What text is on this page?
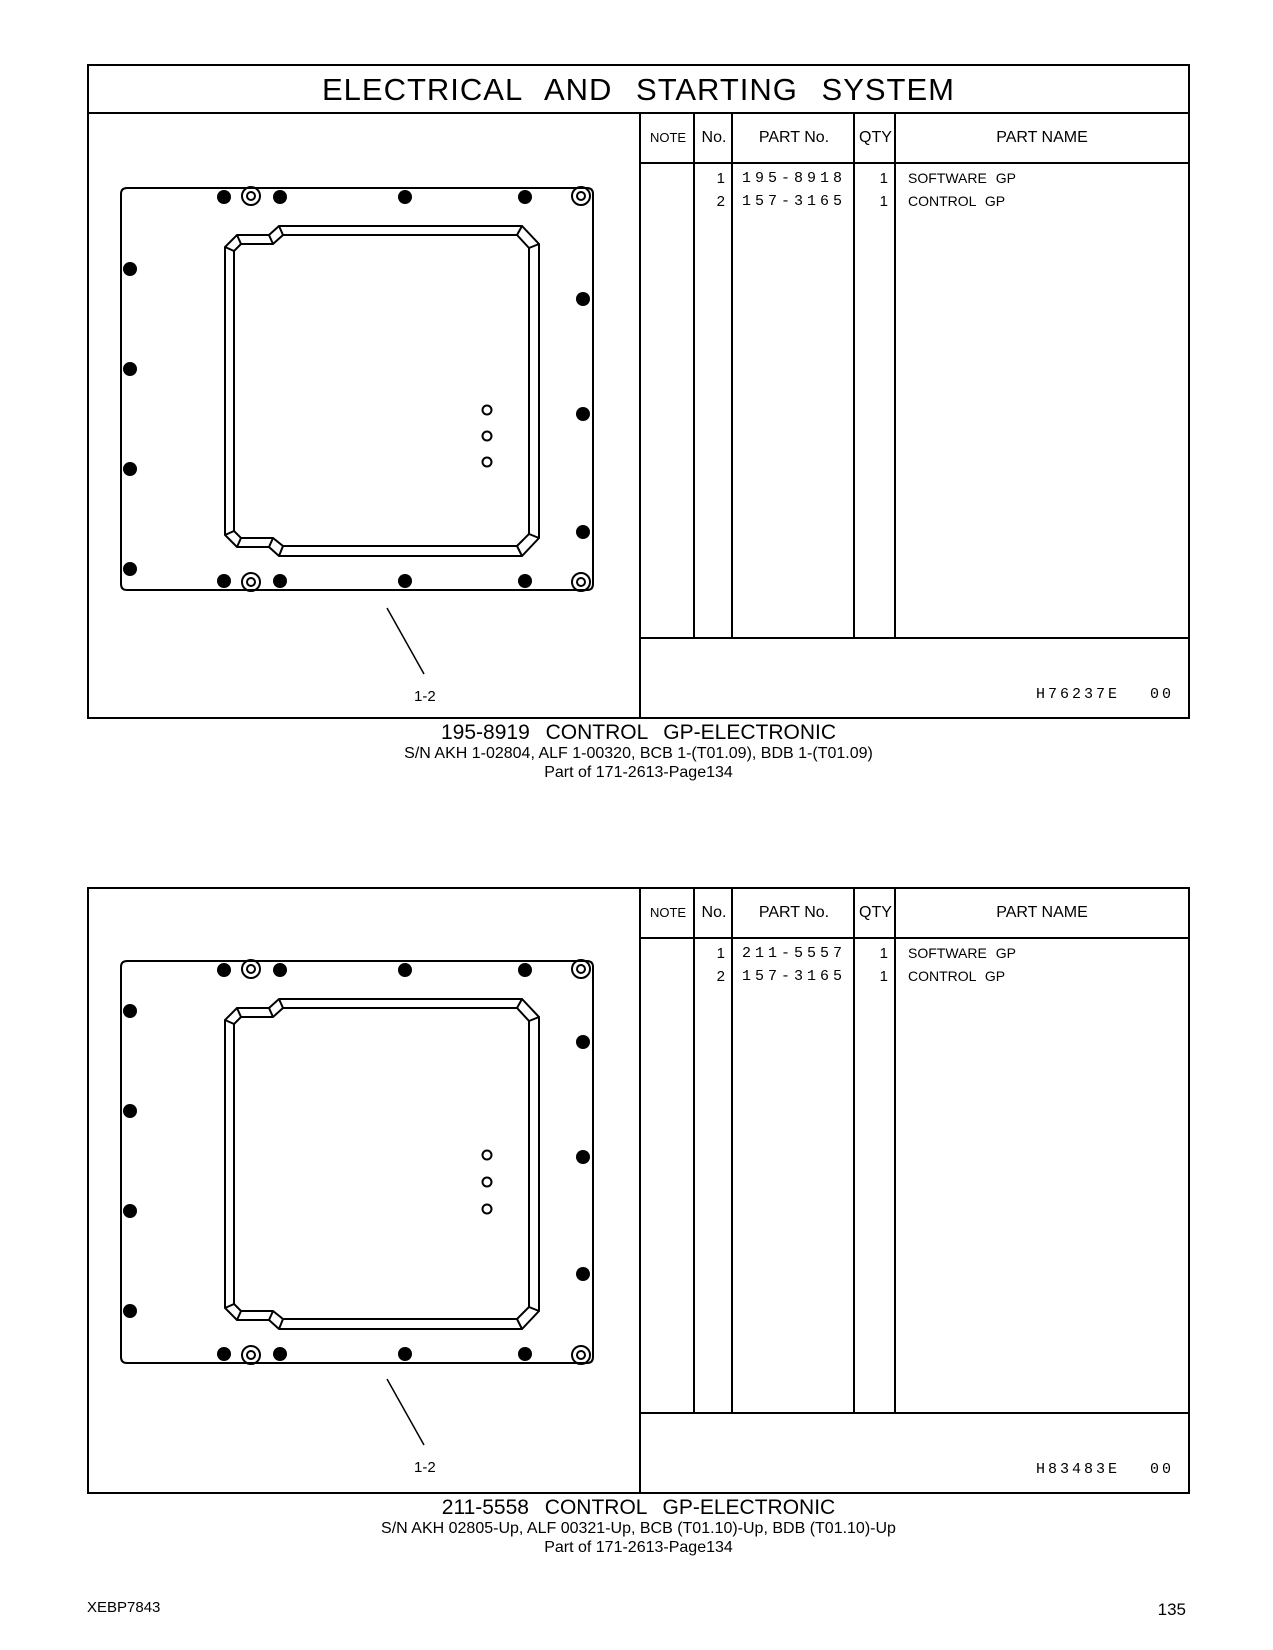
ELECTRICAL AND STARTING SYSTEM
1-2
NOTE No.	PART No.	QTY	PART NAME
1	195-8918	1	SOFTWARE GP
2	157-3165	1	CONTROL GP
H76237E 00
195-8919 CONTROL GP-ELECTRONIC
S/N AKH 1-02804, ALF 1-00320, BCB 1-(T01.09), BDB 1-(T01.09)
Part of 171-2613-Page134
1-2
NOTE No.	PART No.	QTY	PART NAME
1	211-5557	1	SOFTWARE GP
2	157-3165	1	CONTROL GP
H83483E 00
211-5558 CONTROL GP-ELECTRONIC
S/N AKH 02805-Up, ALF 00321-Up, BCB (T01.10)-Up, BDB (T01.10)-Up
Part of 171-2613-Page134
XEBP7843	135
